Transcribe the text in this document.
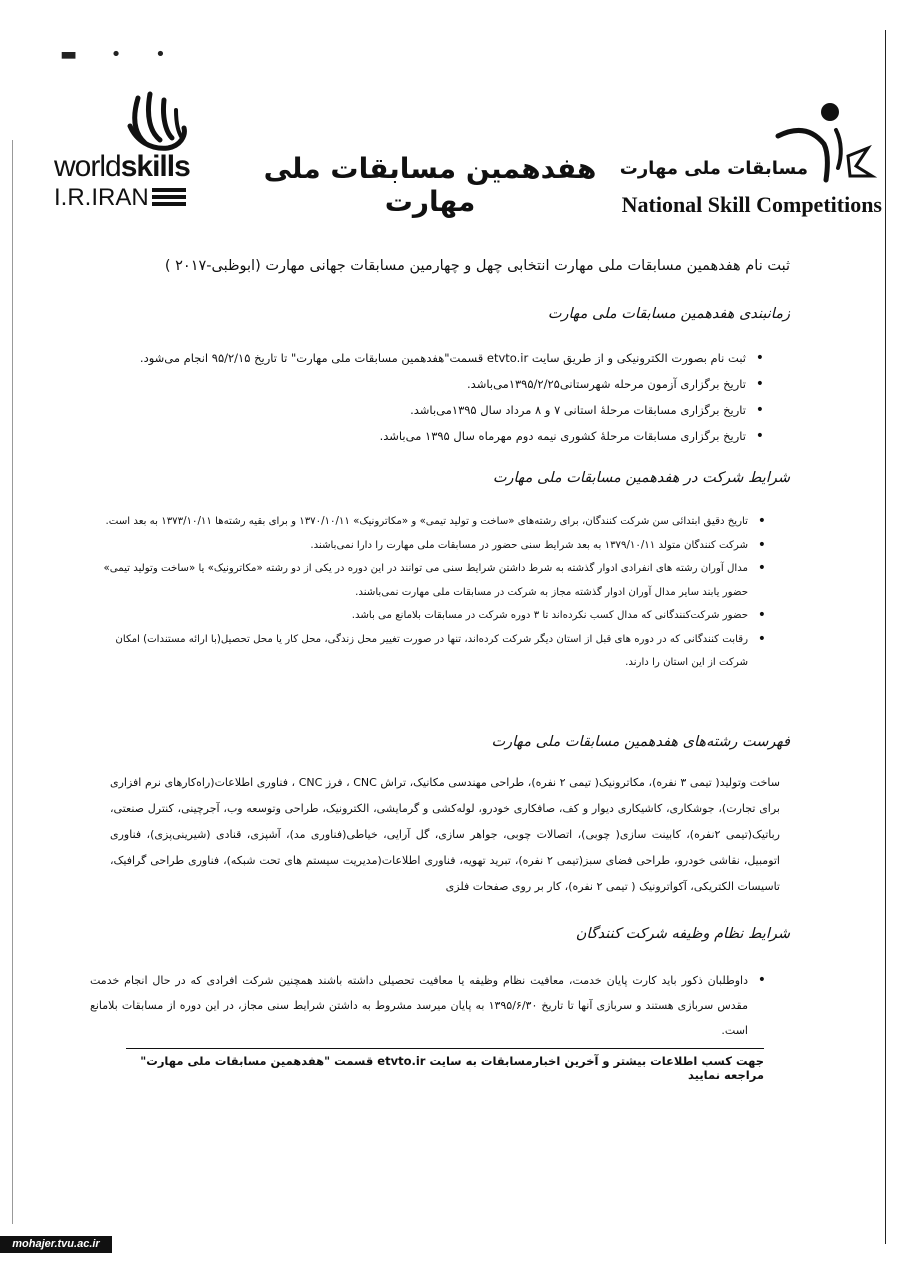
▬ • •
worldskills
I.R.IRAN
هفدهمین مسابقات ملی مهارت
مسابقات ملی مهارت
National Skill Competitions
ثبت نام هفدهمین مسابقات ملی مهارت انتخابی چهل و چهارمین مسابقات جهانی مهارت (ابوظبی-۲۰۱۷ )
زمانبندی هفدهمین مسابقات ملی مهارت
• ثبت نام بصورت الکترونیکی و از طریق سایت etvto.ir قسمت"هفدهمین مسابقات ملی مهارت" تا تاریخ ۹۵/۲/۱۵ انجام می‌شود.
• تاریخ برگزاری آزمون مرحله شهرستانی۱۳۹۵/۲/۲۵می‌باشد.
• تاریخ برگزاری مسابقات مرحلهٔ استانی ۷ و ۸ مرداد سال ۱۳۹۵می‌باشد.
• تاریخ برگزاری مسابقات مرحلهٔ کشوری نیمه دوم مهرماه سال ۱۳۹۵ می‌باشد.
شرایط شرکت در هفدهمین مسابقات ملی مهارت
• تاریخ دقیق ابتدائی سن شرکت کنندگان، برای رشته‌های «ساخت و تولید تیمی» و «مکاترونیک» ۱۳۷۰/۱۰/۱۱ و برای بقیه رشته‌ها ۱۳۷۳/۱۰/۱۱ به بعد است.
• شرکت کنندگان متولد ۱۳۷۹/۱۰/۱۱ به بعد شرایط سنی حضور در مسابقات ملی مهارت را دارا نمی‌باشند.
• مدال آوران رشته های انفرادی ادوار گذشته به شرط داشتن شرایط سنی می توانند در این دوره در یکی از دو رشته «مکاترونیک» یا «ساخت وتولید تیمی» حضور یابند سایر مدال آوران ادوار گذشته مجاز به شرکت در مسابقات ملی مهارت نمی‌باشند.
• حضور شرکت‌کنندگانی که مدال کسب نکرده‌اند تا ۳ دوره شرکت در مسابقات بلامانع می باشد.
• رقابت کنندگانی که در دوره های قبل از استان دیگر شرکت کرده‌اند، تنها در صورت تغییر محل زندگی، محل کار یا محل تحصیل(با ارائه مستندات) امکان شرکت از این استان را دارند.
فهرست رشته‌های هفدهمین مسابقات ملی مهارت
ساخت وتولید( تیمی ۳ نفره)، مکاترونیک( تیمی ۲ نفره)، طراحی مهندسی مکانیک، تراش CNC ، فرز CNC ، فناوری اطلاعات(راه‌کارهای نرم افزاری برای تجارت)، جوشکاری، کاشیکاری دیوار و کف، صافکاری خودرو، لوله‌کشی و گرمایشی، الکترونیک، طراحی وتوسعه وب، آجرچینی، کنترل صنعتی، رباتیک(تیمی ۲نفره)، کابینت سازی( چوبی)، اتصالات چوبی، جواهر سازی، گل آرایی، خیاطی(فناوری مد)، آشپزی، قنادی (شیرینی‌پزی)، فناوری اتومبیل، نقاشی خودرو، طراحی فضای سبز(تیمی ۲ نفره)، تبرید تهویه، فناوری اطلاعات(مدیریت سیستم های تحت شبکه)، فناوری طراحی گرافیک، تاسیسات الکتریکی، آکواترونیک ( تیمی ۲ نفره)، کار بر روی صفحات فلزی
شرایط نظام وظیفه شرکت کنندگان
• داوطلبان ذکور باید کارت پایان خدمت، معافیت نظام وظیفه یا معافیت تحصیلی داشته باشند همچنین شرکت افرادی که در حال انجام خدمت مقدس سربازی هستند و سربازی آنها تا تاریخ ۱۳۹۵/۶/۳۰ به پایان میرسد مشروط به داشتن شرایط سنی مجاز، در این دوره از مسابقات بلامانع است.
جهت کسب اطلاعات بیشتر و آخرین اخبارمسابقات به سایت etvto.ir قسمت "هفدهمین مسابقات ملی مهارت" مراجعه نمایید
mohajer.tvu.ac.ir
